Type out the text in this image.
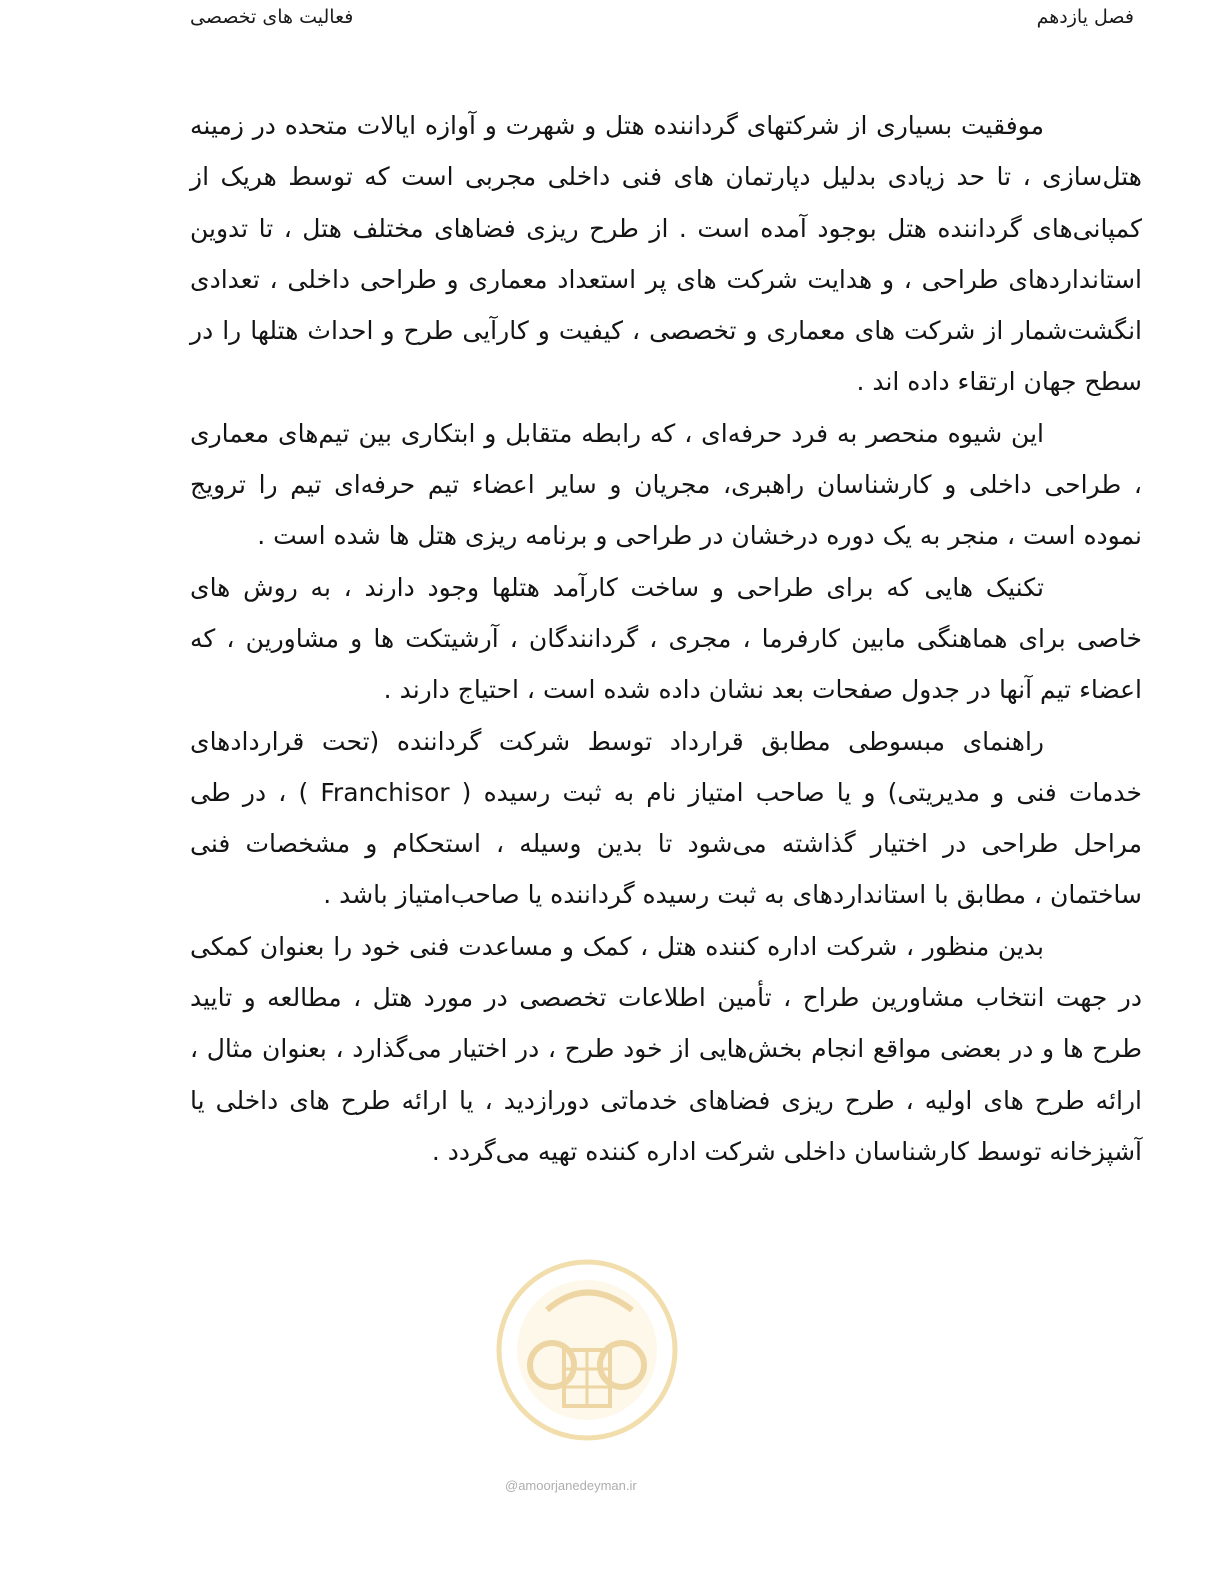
فصل یازدهم
فعالیت های تخصصی

موفقیت بسیاری از شرکتهای گرداننده هتل و شهرت و آوازه ایالات متحده در زمینه هتل‌سازی ، تا حد زیادی بدلیل دپارتمان های فنی داخلی مجربی است که توسط هریک از کمپانی‌های گرداننده هتل بوجود آمده است . از طرح ریزی فضاهای مختلف هتل ، تا تدوین استانداردهای طراحی ، و هدایت شرکت های پر استعداد معماری و طراحی داخلی ، تعدادی انگشت‌شمار از شرکت های معماری و تخصصی ، کیفیت و کارآیی طرح و احداث هتلها را در سطح جهان ارتقاء داده اند .

این شیوه منحصر به فرد حرفه‌ای ، که رابطه متقابل و ابتکاری بین تیم‌های معماری ، طراحی داخلی و کارشناسان راهبری، مجریان و سایر اعضاء تیم حرفه‌ای تیم را ترویج نموده است ، منجر به یک دوره درخشان در طراحی و برنامه ریزی هتل ها شده است .

تکنیک هایی که برای طراحی و ساخت کارآمد هتلها وجود دارند ، به روش های خاصی برای هماهنگی مابین کارفرما ، مجری ، گردانندگان ، آرشیتکت ها و مشاورین ، که اعضاء تیم آنها در جدول صفحات بعد نشان داده شده است ، احتیاج دارند .

راهنمای مبسوطی مطابق قرارداد توسط شرکت گرداننده (تحت قراردادهای خدمات فنی و مدیریتی) و یا صاحب امتیاز نام به ثبت رسیده ( Franchisor ) ، در طی مراحل طراحی در اختیار گذاشته می‌شود تا بدین وسیله ، استحکام و مشخصات فنی ساختمان ، مطابق با استانداردهای به ثبت رسیده گرداننده یا صاحب‌امتیاز باشد .

بدین منظور ، شرکت اداره کننده هتل ، کمک و مساعدت فنی خود را بعنوان کمکی در جهت انتخاب مشاورین طراح ، تأمین اطلاعات تخصصی در مورد هتل ، مطالعه و تایید طرح ها و در بعضی مواقع انجام بخش‌هایی از خود طرح ، در اختیار می‌گذارد ، بعنوان مثال ، ارائه طرح های اولیه ، طرح ریزی فضاهای خدماتی دورازدید ، یا ارائه طرح های داخلی یا آشپزخانه توسط کارشناسان داخلی شرکت اداره کننده تهیه می‌گردد .

@amoorjanedeyman.ir
